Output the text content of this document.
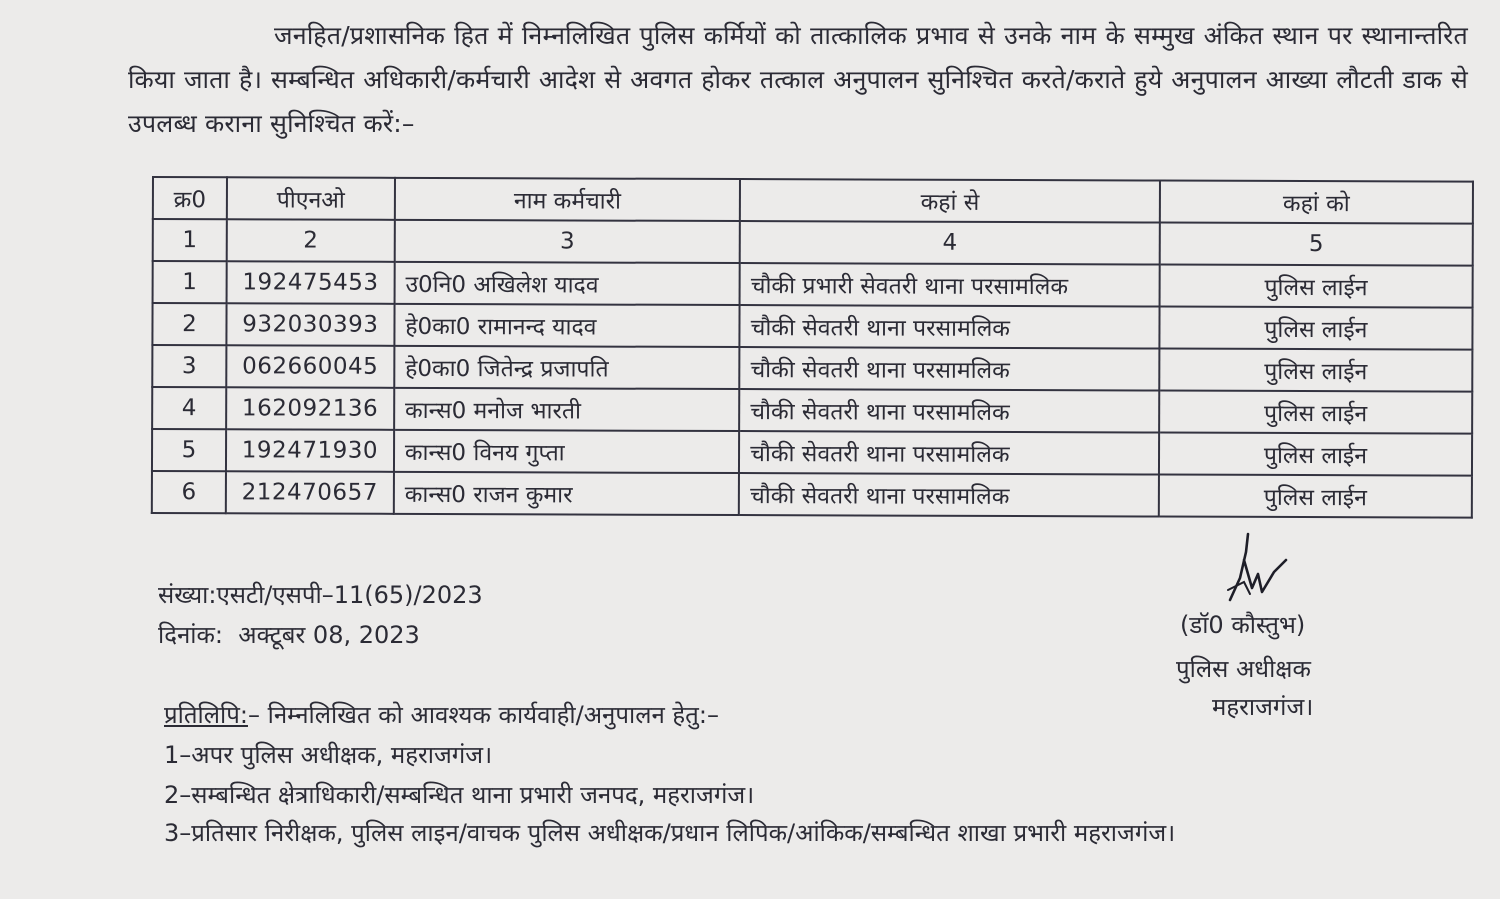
जनहित/प्रशासनिक हित में निम्नलिखित पुलिस कर्मियों को तात्कालिक प्रभाव से उनके नाम के सम्मुख अंकित स्थान पर स्थानान्तरित किया जाता है। सम्बन्धित अधिकारी/कर्मचारी आदेश से अवगत होकर तत्काल अनुपालन सुनिश्चित करते/कराते हुये अनुपालन आख्या लौटती डाक से उपलब्ध कराना सुनिश्चित करें:–
क्र0	पीएनओ	नाम कर्मचारी	कहां से	कहां को
1	2	3	4	5
1	192475453	उ0नि0 अखिलेश यादव	चौकी प्रभारी सेवतरी थाना परसामलिक	पुलिस लाईन
2	932030393	हे0का0 रामानन्द यादव	चौकी सेवतरी थाना परसामलिक	पुलिस लाईन
3	062660045	हे0का0 जितेन्द्र प्रजापति	चौकी सेवतरी थाना परसामलिक	पुलिस लाईन
4	162092136	कान्स0 मनोज भारती	चौकी सेवतरी थाना परसामलिक	पुलिस लाईन
5	192471930	कान्स0 विनय गुप्ता	चौकी सेवतरी थाना परसामलिक	पुलिस लाईन
6	212470657	कान्स0 राजन कुमार	चौकी सेवतरी थाना परसामलिक	पुलिस लाईन
संख्या:एसटी/एसपी–11(65)/2023
दिनांक:  अक्टूबर 08, 2023	(डॉ0 कौस्तुभ)
पुलिस अधीक्षक
महराजगंज।
प्रतिलिपि:– निम्नलिखित को आवश्यक कार्यवाही/अनुपालन हेतु:–
1–अपर पुलिस अधीक्षक, महराजगंज।
2–सम्बन्धित क्षेत्राधिकारी/सम्बन्धित थाना प्रभारी जनपद, महराजगंज।
3–प्रतिसार निरीक्षक, पुलिस लाइन/वाचक पुलिस अधीक्षक/प्रधान लिपिक/आंकिक/सम्बन्धित शाखा प्रभारी महराजगंज।
